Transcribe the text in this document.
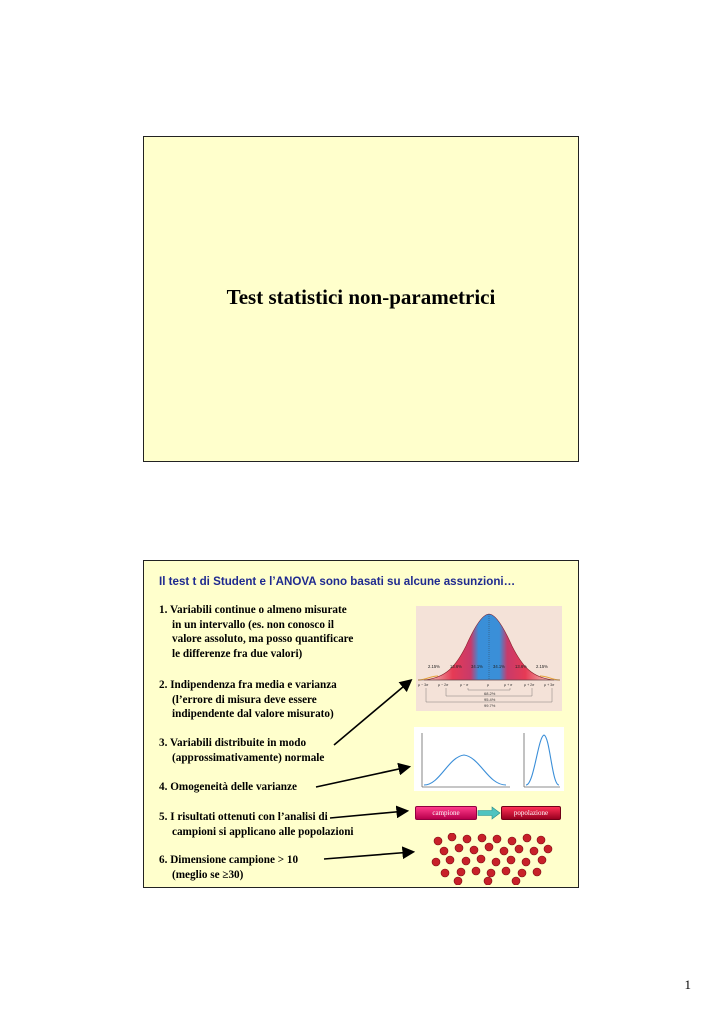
Test statistici non-parametrici
Il test t di Student e l’ANOVA sono basati su alcune assunzioni…
1. Variabili continue o almeno misurate
in un intervallo (es. non conosco il
valore assoluto, ma posso quantificare
le differenze fra due valori)
2. Indipendenza fra media e varianza
(l’errore di misura deve essere
indipendente dal valore misurato)
3. Variabili distribuite in modo
(approssimativamente) normale
4. Omogeneità delle varianze
5. I risultati ottenuti con l’analisi di
campioni si applicano alle popolazioni
6. Dimensione campione > 10
(meglio se ≥30)
2.15% 13.6% 34.1% 34.1% 13.6% 2.15%
μ − 3σ	μ − 2σ	μ − σ	μ	μ + σ	μ + 2σ	μ + 3σ
68.2%
95.4%
99.7%
campione	popolazione
1
